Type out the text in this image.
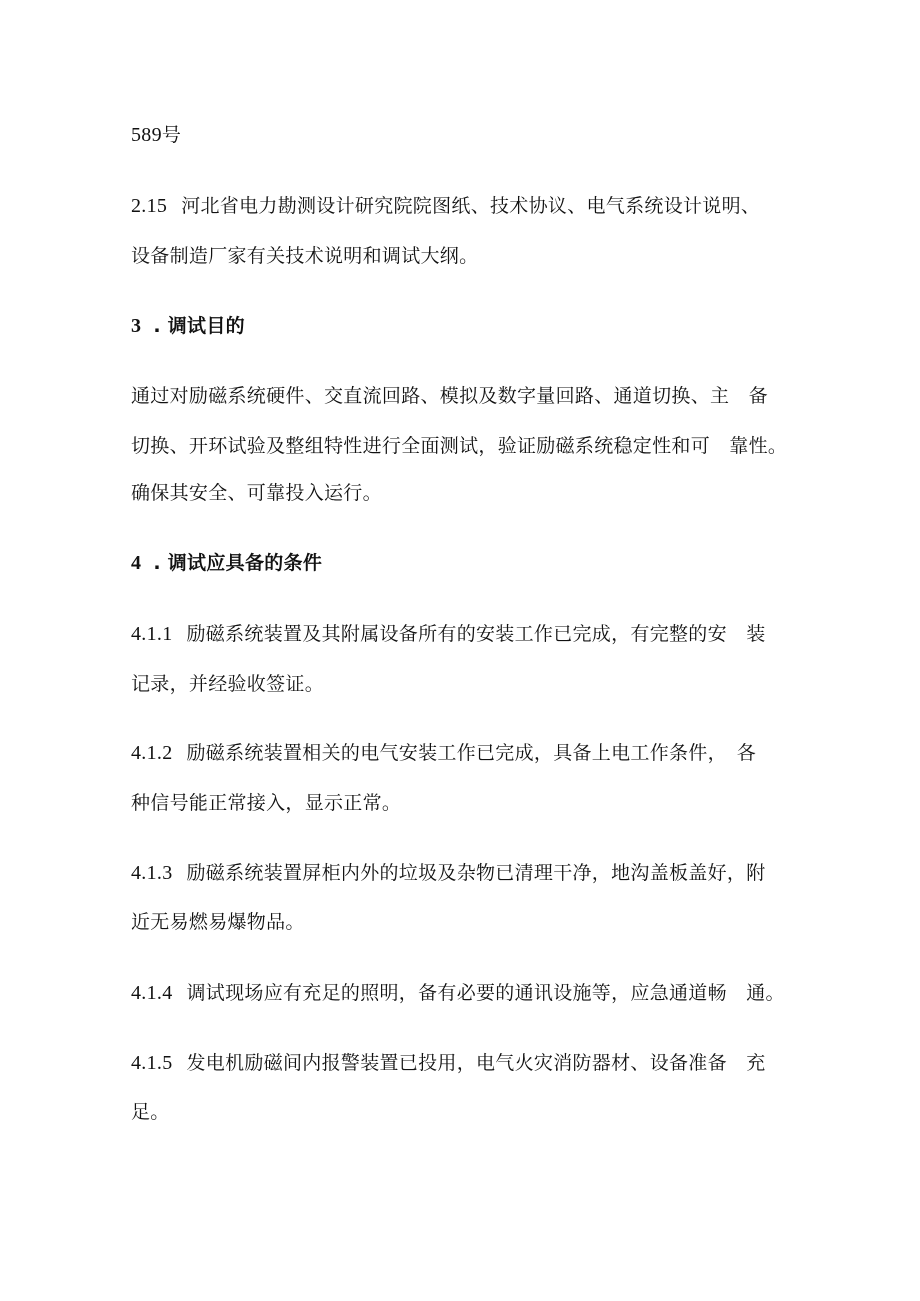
589号
2.15 河北省电力勘测设计研究院院图纸、技术协议、电气系统设计说明、
设备制造厂家有关技术说明和调试大纲。
3 . 调试目的
通过对励磁系统硬件、交直流回路、模拟及数字量回路、通道切换、主　备
切换、开环试验及整组特性进行全面测试，验证励磁系统稳定性和可　靠性。
确保其安全、可靠投入运行。
4 . 调试应具备的条件
4.1.1 励磁系统装置及其附属设备所有的安装工作已完成，有完整的安　装
记录，并经验收签证。
4.1.2 励磁系统装置相关的电气安装工作已完成，具备上电工作条件，　各
种信号能正常接入，显示正常。
4.1.3 励磁系统装置屏柜内外的垃圾及杂物已清理干净，地沟盖板盖好，附
近无易燃易爆物品。
4.1.4 调试现场应有充足的照明，备有必要的通讯设施等，应急通道畅　通。
4.1.5 发电机励磁间内报警装置已投用，电气火灾消防器材、设备准备　充
足。
